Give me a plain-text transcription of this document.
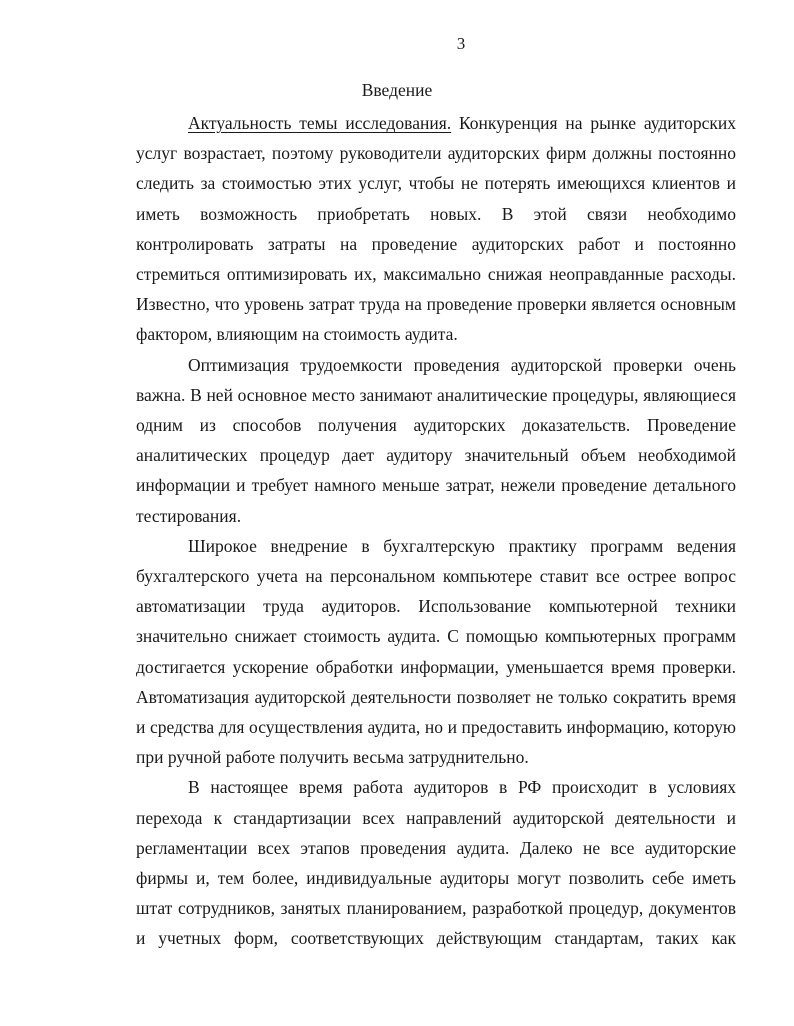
3
Введение

Актуальность темы исследования. Конкуренция на рынке аудиторских услуг возрастает, поэтому руководители аудиторских фирм должны постоянно следить за стоимостью этих услуг, чтобы не потерять имеющихся клиентов и иметь возможность приобретать новых. В этой связи необходимо контролировать затраты на проведение аудиторских работ и постоянно стремиться оптимизировать их, максимально снижая неоправданные расходы. Известно, что уровень затрат труда на проведение проверки является основным фактором, влияющим на стоимость аудита.

Оптимизация трудоемкости проведения аудиторской проверки очень важна. В ней основное место занимают аналитические процедуры, являющиеся одним из способов получения аудиторских доказательств. Проведение аналитических процедур дает аудитору значительный объем необходимой информации и требует намного меньше затрат, нежели проведение детального тестирования.

Широкое внедрение в бухгалтерскую практику программ ведения бухгалтерского учета на персональном компьютере ставит все острее вопрос автоматизации труда аудиторов. Использование компьютерной техники значительно снижает стоимость аудита. С помощью компьютерных программ достигается ускорение обработки информации, уменьшается время проверки. Автоматизация аудиторской деятельности позволяет не только сократить время и средства для осуществления аудита, но и предоставить информацию, которую при ручной работе получить весьма затруднительно.

В настоящее время работа аудиторов в РФ происходит в условиях перехода к стандартизации всех направлений аудиторской деятельности и регламентации всех этапов проведения аудита. Далеко не все аудиторские фирмы и, тем более, индивидуальные аудиторы могут позволить себе иметь штат сотрудников, занятых планированием, разработкой процедур, документов и учетных форм, соответствующих действующим стандартам, таких как
